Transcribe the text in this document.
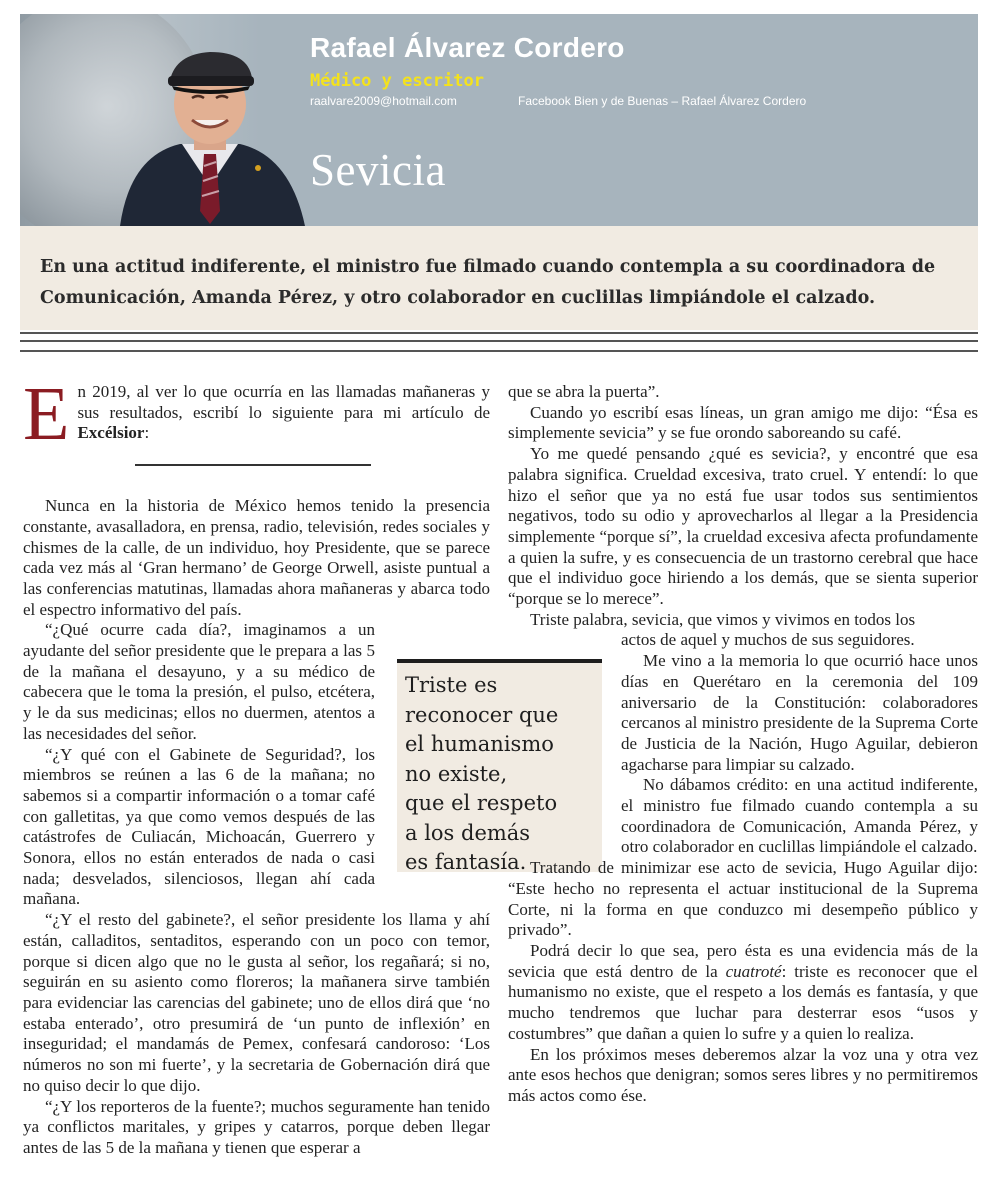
Rafael Álvarez Cordero
Médico y escritor
raalvare2009@hotmail.com	Facebook Bien y de Buenas – Rafael Álvarez Cordero
Sevicia

En una actitud indiferente, el ministro fue filmado cuando contempla a su coordinadora de Comunicación, Amanda Pérez, y otro colaborador en cuclillas limpiándole el calzado.

E n 2019, al ver lo que ocurría en las llamadas mañaneras y sus resultados, escribí lo siguiente para mi artículo de Excélsior:

Nunca en la historia de México hemos tenido la presencia constante, avasalladora, en prensa, radio, televisión, redes sociales y chismes de la calle, de un individuo, hoy Presidente, que se parece cada vez más al ‘Gran hermano’ de George Orwell, asiste puntual a las conferencias matutinas, llamadas ahora mañaneras y abarca todo el espectro informativo del país.

“¿Qué ocurre cada día?, imaginamos a un ayudante del señor presidente que le prepara a las 5 de la mañana el desayuno, y a su médico de cabecera que le toma la presión, el pulso, etcétera, y le da sus medicinas; ellos no duermen, atentos a las necesidades del señor.

“¿Y qué con el Gabinete de Seguridad?, los miembros se reúnen a las 6 de la mañana; no sabemos si a compartir información o a tomar café con galletitas, ya que como vemos después de las catástrofes de Culiacán, Michoacán, Guerrero y Sonora, ellos no están enterados de nada o casi nada; desvelados, silenciosos, llegan ahí cada mañana.

“¿Y el resto del gabinete?, el señor presidente los llama y ahí están, calladitos, sentaditos, esperando con un poco con temor, porque si dicen algo que no le gusta al señor, los regañará; si no, seguirán en su asiento como floreros; la mañanera sirve también para evidenciar las carencias del gabinete; uno de ellos dirá que ‘no estaba enterado’, otro presumirá de ‘un punto de inflexión’ en inseguridad; el mandamás de Pemex, confesará candoroso: ‘Los números no son mi fuerte’, y la secretaria de Gobernación dirá que no quiso decir lo que dijo.

“¿Y los reporteros de la fuente?; muchos seguramente han tenido ya conflictos maritales, y gripes y catarros, porque deben llegar antes de las 5 de la mañana y tienen que esperar a

Triste es

reconocer que

el humanismo

no existe,

que el respeto

a los demás

es fantasía.

que se abra la puerta”.

Cuando yo escribí esas líneas, un gran amigo me dijo: “Ésa es simplemente sevicia” y se fue orondo saboreando su café.

Yo me quedé pensando ¿qué es sevicia?, y encontré que esa palabra significa. Crueldad excesiva, trato cruel. Y entendí: lo que hizo el señor que ya no está fue usar todos sus sentimientos negativos, todo su odio y aprovecharlos al llegar a la Presidencia simplemente “porque sí”, la crueldad excesiva afecta profundamente a quien la sufre, y es consecuencia de un trastorno cerebral que hace que el individuo goce hiriendo a los demás, que se sienta superior “porque se lo merece”.

Triste palabra, sevicia, que vimos y vivimos en todos los

actos de aquel y muchos de sus seguidores.

Me vino a la memoria lo que ocurrió hace unos días en Querétaro en la ceremonia del 109 aniversario de la Constitución: colaboradores cercanos al ministro presidente de la Suprema Corte de Justicia de la Nación, Hugo Aguilar, debieron agacharse para limpiar su calzado.

No dábamos crédito: en una actitud indiferente, el ministro fue filmado cuando contempla a su coordinadora de Comunicación, Amanda Pérez, y otro colaborador en cuclillas limpiándole el calzado.

Tratando de minimizar ese acto de sevicia, Hugo Aguilar dijo: “Este hecho no representa el actuar institucional de la Suprema Corte, ni la forma en que conduzco mi desempeño público y privado”.

Podrá decir lo que sea, pero ésta es una evidencia más de la sevicia que está dentro de la cuatroté: triste es reconocer que el humanismo no existe, que el respeto a los demás es fantasía, y que mucho tendremos que luchar para desterrar esos “usos y costumbres” que dañan a quien lo sufre y a quien lo realiza.

En los próximos meses deberemos alzar la voz una y otra vez ante esos hechos que denigran; somos seres libres y no permitiremos más actos como ése.
